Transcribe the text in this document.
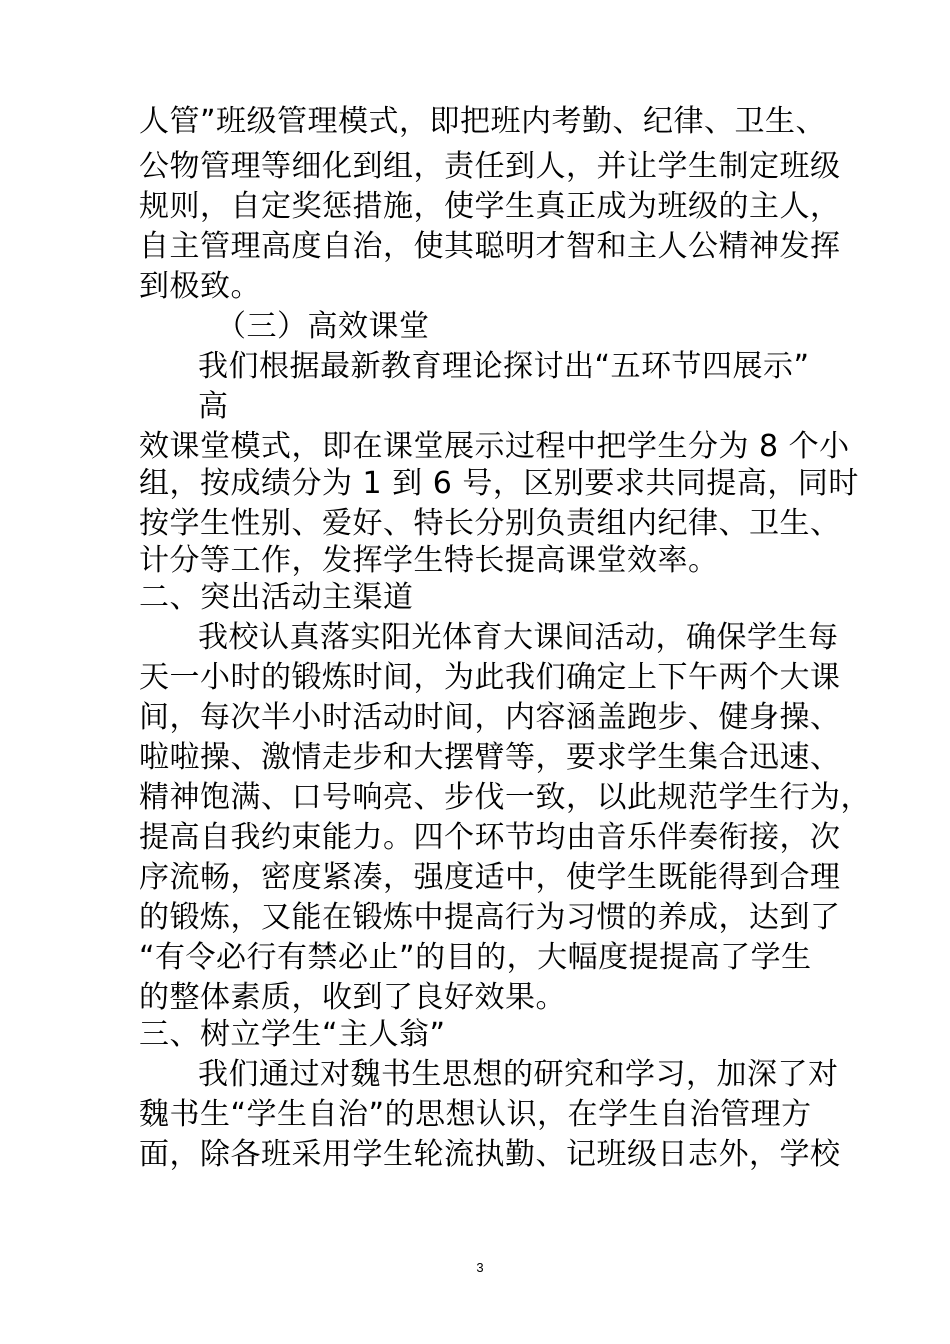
人管”班级管理模式，即把班内考勤、纪律、卫生、
公物管理等细化到组，责任到人，并让学生制定班级
规则，自定奖惩措施，使学生真正成为班级的主人，
自主管理高度自治，使其聪明才智和主人公精神发挥
到极致。
（三）高效课堂
我们根据最新教育理论探讨出“五环节四展示”
高
效课堂模式，即在课堂展示过程中把学生分为 8 个小
组，按成绩分为 1 到 6 号，区别要求共同提高，同时
按学生性别、爱好、特长分别负责组内纪律、卫生、
计分等工作，发挥学生特长提高课堂效率。
二、突出活动主渠道
我校认真落实阳光体育大课间活动，确保学生每
天一小时的锻炼时间，为此我们确定上下午两个大课
间，每次半小时活动时间，内容涵盖跑步、健身操、
啦啦操、激情走步和大摆臂等，要求学生集合迅速、
精神饱满、口号响亮、步伐一致，以此规范学生行为，
提高自我约束能力。四个环节均由音乐伴奏衔接，次
序流畅，密度紧凑，强度适中，使学生既能得到合理
的锻炼，又能在锻炼中提高行为习惯的养成，达到了
“有令必行有禁必止”的目的，大幅度提提高了学生
的整体素质，收到了良好效果。
三、树立学生“主人翁”
我们通过对魏书生思想的研究和学习，加深了对
魏书生“学生自治”的思想认识，在学生自治管理方
面，除各班采用学生轮流执勤、记班级日志外，学校
3
